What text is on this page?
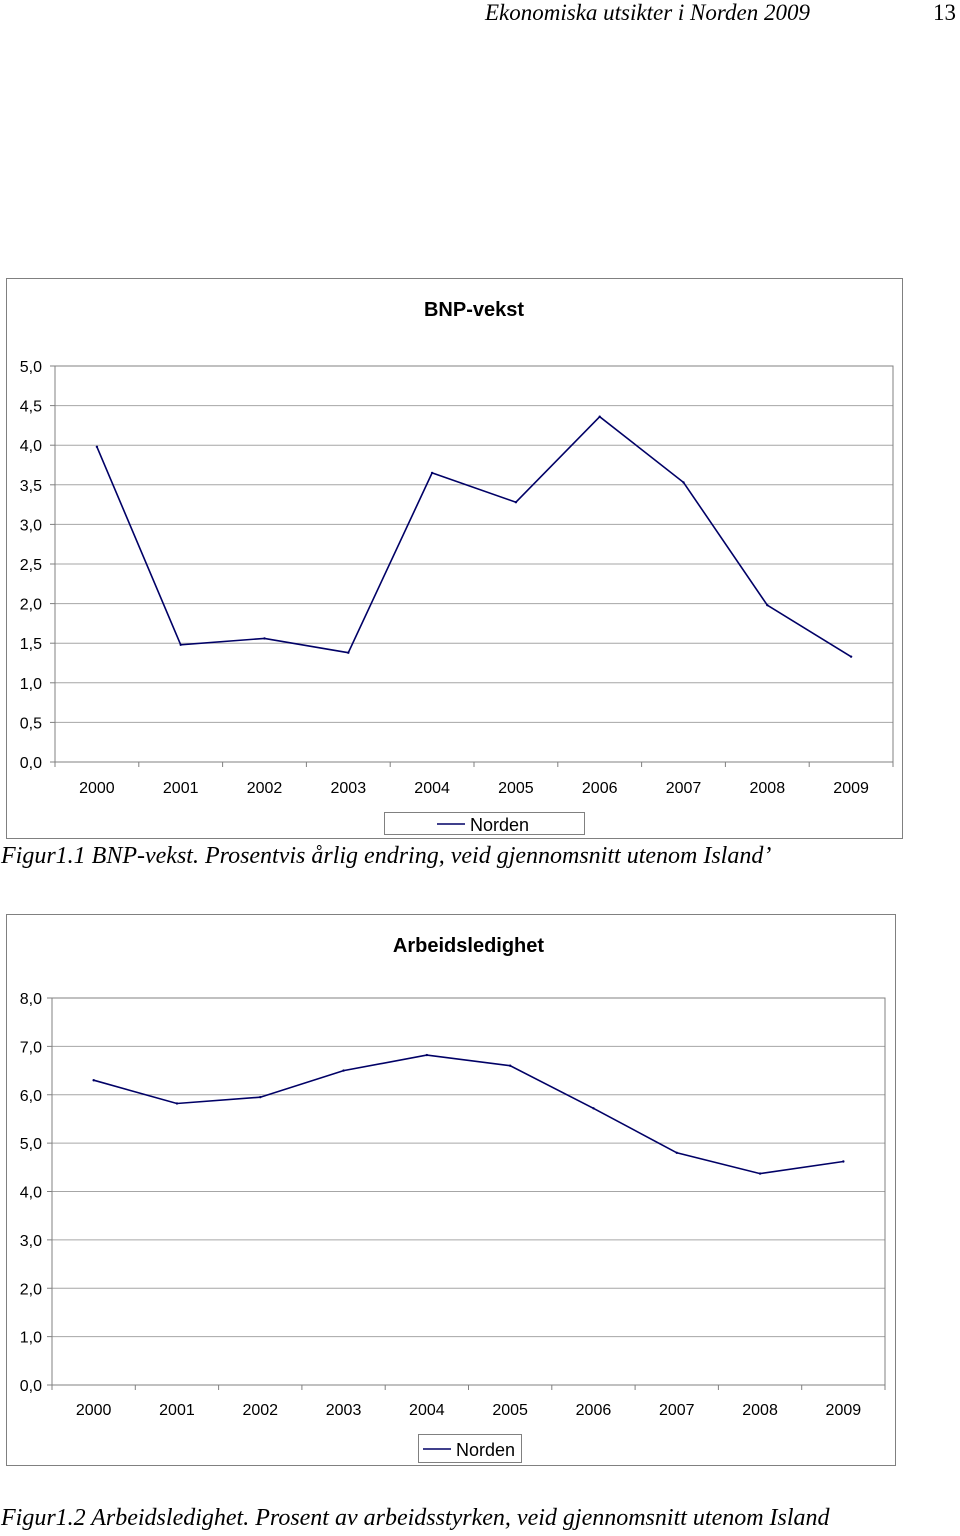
Ekonomiska utsikter i Norden 2009	13
BNP-vekst
0,0
0,5
1,0
1,5
2,0
2,5
3,0
3,5
4,0
4,5
5,0
2000	2001	2002	2003	2004	2005	2006	2007	2008	2009
Norden
Arbeidsledighet
0,0
1,0
2,0
3,0
4,0
5,0
6,0
7,0
8,0
2000	2001	2002	2003	2004	2005	2006	2007	2008	2009
Norden
Figur1.1 BNP-vekst. Prosentvis årlig endring, veid gjennomsnitt utenom Island’
Figur1.2 Arbeidsledighet. Prosent av arbeidsstyrken, veid gjennomsnitt utenom Island
